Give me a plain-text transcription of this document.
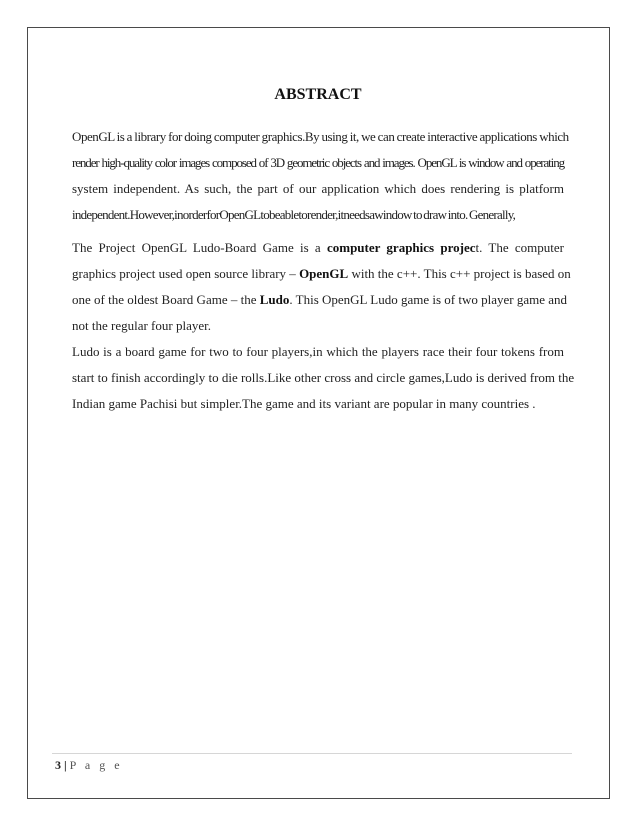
ABSTRACT

OpenGL is a library for doing computer graphics.By using it, we can create interactive applications which
render high-quality color images composed of 3D geometric objects and images. OpenGL is window and operating
system independent. As such, the part of our application which does rendering is platform
independent.However,inorderforOpenGLtobeabletorender,itneedsawindow to draw into. Generally,

The Project OpenGL Ludo-Board Game is a computer graphics project. The computer
graphics project used open source library – OpenGL with the c++. This c++ project is based on
one of the oldest Board Game – the Ludo. This OpenGL Ludo game is of two player game and
not the regular four player.

Ludo is a board game for two to four players,in which the players race their four tokens from
start to finish accordingly to die rolls.Like other cross and circle games,Ludo is derived from the
Indian game Pachisi but simpler.The game and its variant are popular in many countries .

3 | P a g e
